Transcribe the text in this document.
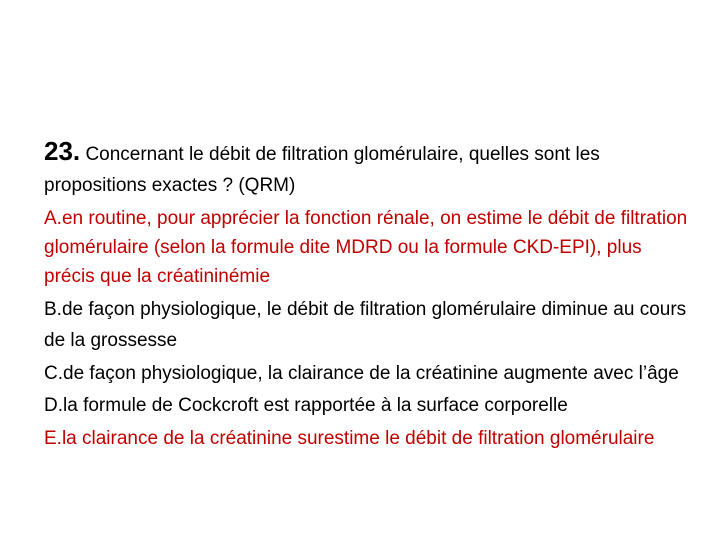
23. Concernant le débit de filtration glomérulaire, quelles sont les propositions exactes ? (QRM)

A.en routine, pour apprécier la fonction rénale, on estime le débit de filtration glomérulaire (selon la formule dite MDRD ou la formule CKD-EPI), plus précis que la créatininémie

B.de façon physiologique, le débit de filtration glomérulaire diminue au cours de la grossesse

C.de façon physiologique, la clairance de la créatinine augmente avec l’âge

D.la formule de Cockcroft est rapportée à la surface corporelle

E.la clairance de la créatinine surestime le débit de filtration glomérulaire
